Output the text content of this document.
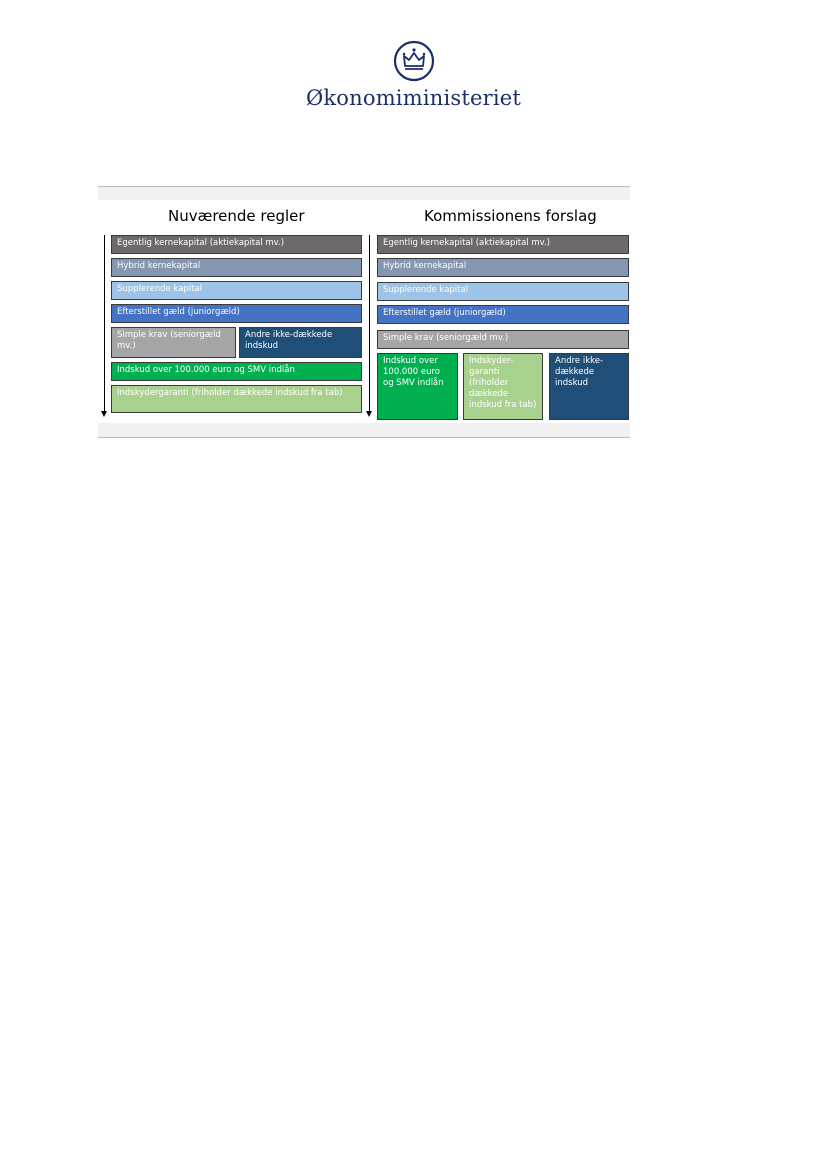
Økonomiministeriet
Nuværende regler
Egentlig kernekapital (aktiekapital mv.)
Hybrid kernekapital
Supplerende kapital
Efterstillet gæld (juniorgæld)
Simple krav (seniorgæld mv.)
Andre ikke-dækkede indskud
Indskud over 100.000 euro og SMV indlån
Indskydergaranti (friholder dækkede indskud fra tab)
Kommissionens forslag
Egentlig kernekapital (aktiekapital mv.)
Hybrid kernekapital
Supplerende kapital
Efterstillet gæld (juniorgæld)
Simple krav (seniorgæld mv.)
Indskud over 100.000 euro og SMV indlån
Indskyder-garanti (friholder dækkede indskud fra tab)
Andre ikke-dækkede indskud
